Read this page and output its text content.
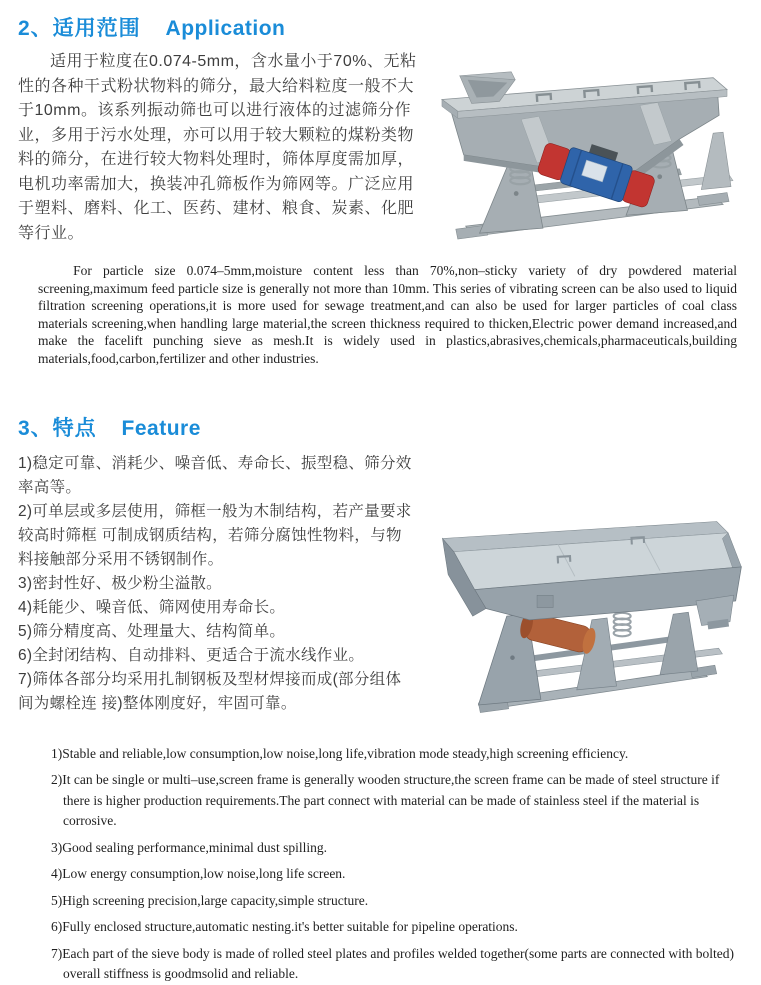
2、适用范围 Application

适用于粒度在0.074-5mm，含水量小于70%、无粘性的各种干式粉状物料的筛分，最大给料粒度一般不大于10mm。该系列振动筛也可以进行液体的过滤筛分作业，多用于污水处理，亦可以用于较大颗粒的煤粉类物料的筛分，在进行较大物料处理时，筛体厚度需加厚，电机功率需加大，换装冲孔筛板作为筛网等。广泛应用于塑料、磨料、化工、医药、建材、粮食、炭素、化肥等行业。

For particle size 0.074–5mm,moisture content less than 70%,non–sticky variety of dry powdered material screening,maximum feed particle size is generally not more than 10mm. This series of vibrating screen can be also used to liquid filtration screening operations,it is more used for sewage treatment,and can also be used for larger particles of coal class materials screening,when handling large material,the screen thickness required to thicken,Electric power demand increased,and make the facelift punching sieve as mesh.It is widely used in plastics,abrasives,chemicals,pharmaceuticals,building materials,food,carbon,fertilizer and other industries.

3、特点 Feature
1)稳定可靠、消耗少、噪音低、寿命长、振型稳、筛分效率高等。
2)可单层或多层使用，筛框一般为木制结构，若产量要求较高时筛框 可制成钢质结构，若筛分腐蚀性物料，与物料接触部分采用不锈钢制作。
3)密封性好、极少粉尘溢散。
4)耗能少、噪音低、筛网使用寿命长。
5)筛分精度高、处理量大、结构简单。
6)全封闭结构、自动排料、更适合于流水线作业。
7)筛体各部分均采用扎制钢板及型材焊接而成(部分组体间为螺栓连 接)整体刚度好，牢固可靠。
1)Stable and reliable,low consumption,low noise,long life,vibration mode steady,high screening efficiency.
2)It can be single or multi–use,screen frame is generally wooden structure,the screen frame can be made of steel structure if there is higher production requirements.The part connect with material can be made of stainless steel if the material is corrosive.
3)Good sealing performance,minimal dust spilling.
4)Low energy consumption,low noise,long life screen.
5)High screening precision,large capacity,simple structure.
6)Fully enclosed structure,automatic nesting.it's better suitable for pipeline operations.
7)Each part of the sieve body is made of rolled steel plates and profiles welded together(some parts are connected with bolted) overall stiffness is goodmsolid and reliable.
